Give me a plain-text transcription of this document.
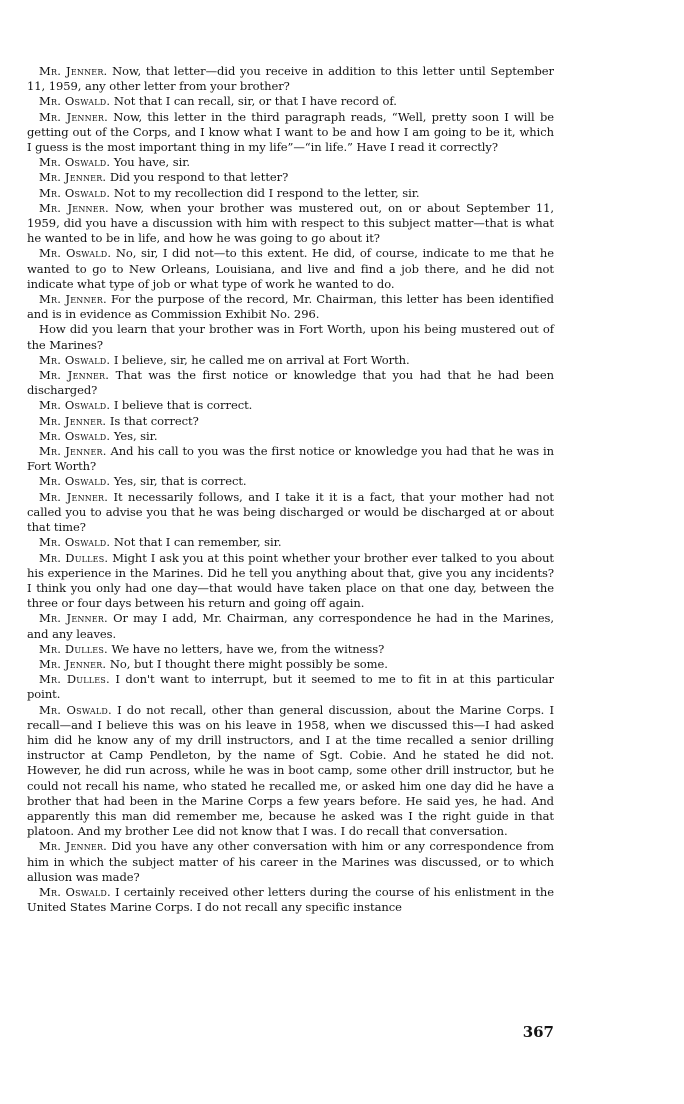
Mr. Jenner. Now, that letter—did you receive in addition to this letter until September 11, 1959, any other letter from your brother?

Mr. Oswald. Not that I can recall, sir, or that I have record of.

Mr. Jenner. Now, this letter in the third paragraph reads, “Well, pretty soon I will be getting out of the Corps, and I know what I want to be and how I am going to be it, which I guess is the most important thing in my life”—“in life.” Have I read it correctly?

Mr. Oswald. You have, sir.

Mr. Jenner. Did you respond to that letter?

Mr. Oswald. Not to my recollection did I respond to the letter, sir.

Mr. Jenner. Now, when your brother was mustered out, on or about September 11, 1959, did you have a discussion with him with respect to this subject matter—that is what he wanted to be in life, and how he was going to go about it?

Mr. Oswald. No, sir, I did not—to this extent. He did, of course, indicate to me that he wanted to go to New Orleans, Louisiana, and live and find a job there, and he did not indicate what type of job or what type of work he wanted to do.

Mr. Jenner. For the purpose of the record, Mr. Chairman, this letter has been identified and is in evidence as Commission Exhibit No. 296.

How did you learn that your brother was in Fort Worth, upon his being mustered out of the Marines?

Mr. Oswald. I believe, sir, he called me on arrival at Fort Worth.

Mr. Jenner. That was the first notice or knowledge that you had that he had been discharged?

Mr. Oswald. I believe that is correct.

Mr. Jenner. Is that correct?

Mr. Oswald. Yes, sir.

Mr. Jenner. And his call to you was the first notice or knowledge you had that he was in Fort Worth?

Mr. Oswald. Yes, sir, that is correct.

Mr. Jenner. It necessarily follows, and I take it it is a fact, that your mother had not called you to advise you that he was being discharged or would be discharged at or about that time?

Mr. Oswald. Not that I can remember, sir.

Mr. Dulles. Might I ask you at this point whether your brother ever talked to you about his experience in the Marines. Did he tell you anything about that, give you any incidents? I think you only had one day—that would have taken place on that one day, between the three or four days between his return and going off again.

Mr. Jenner. Or may I add, Mr. Chairman, any correspondence he had in the Marines, and any leaves.

Mr. Dulles. We have no letters, have we, from the witness?

Mr. Jenner. No, but I thought there might possibly be some.

Mr. Dulles. I don't want to interrupt, but it seemed to me to fit in at this particular point.

Mr. Oswald. I do not recall, other than general discussion, about the Marine Corps. I recall—and I believe this was on his leave in 1958, when we discussed this—I had asked him did he know any of my drill instructors, and I at the time recalled a senior drilling instructor at Camp Pendleton, by the name of Sgt. Cobie. And he stated he did not. However, he did run across, while he was in boot camp, some other drill instructor, but he could not recall his name, who stated he recalled me, or asked him one day did he have a brother that had been in the Marine Corps a few years before. He said yes, he had. And apparently this man did remember me, because he asked was I the right guide in that platoon. And my brother Lee did not know that I was. I do recall that conversation.

Mr. Jenner. Did you have any other conversation with him or any correspondence from him in which the subject matter of his career in the Marines was discussed, or to which allusion was made?

Mr. Oswald. I certainly received other letters during the course of his enlistment in the United States Marine Corps. I do not recall any specific instance

367
